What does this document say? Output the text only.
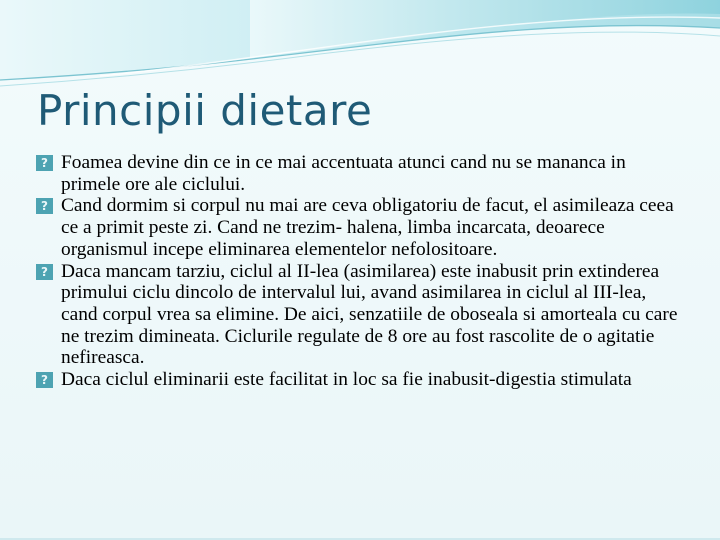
Principii dietare
? Foamea devine din ce in ce mai accentuata atunci cand nu se mananca in primele ore ale ciclului.
? Cand dormim si corpul nu mai are ceva obligatoriu de facut, el asimileaza ceea ce a primit peste zi. Cand ne trezim- halena, limba incarcata, deoarece organismul incepe eliminarea elementelor nefolositoare.
? Daca mancam tarziu, ciclul al II-lea (asimilarea) este inabusit prin extinderea primului ciclu dincolo de intervalul lui, avand asimilarea in ciclul al III-lea, cand corpul vrea sa elimine. De aici, senzatiile de oboseala si amorteala cu care ne trezim dimineata. Ciclurile regulate de 8 ore au fost rascolite de o agitatie nefireasca.
? Daca ciclul eliminarii este facilitat in loc sa fie inabusit-digestia stimulata
